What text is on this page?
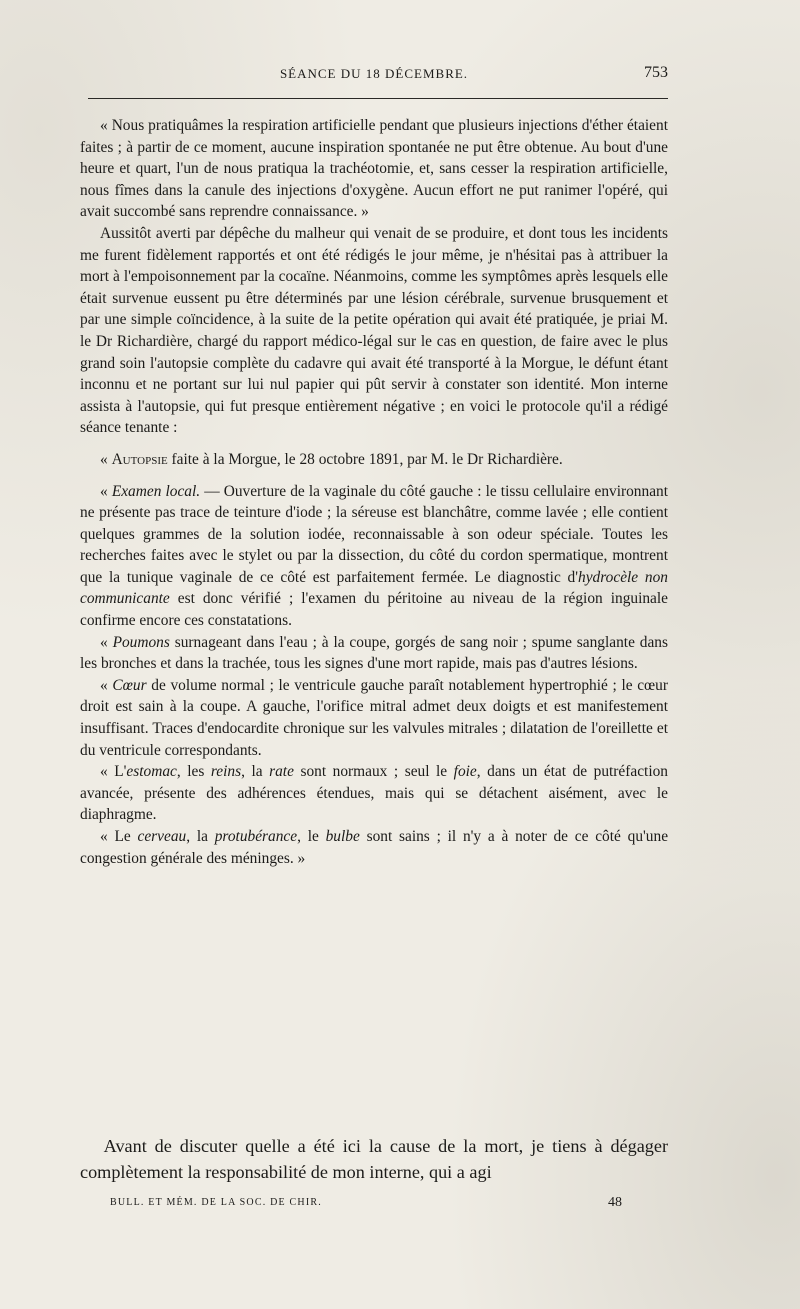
SÉANCE DU 18 DÉCEMBRE.	753

« Nous pratiquâmes la respiration artificielle pendant que plusieurs injections d'éther étaient faites ; à partir de ce moment, aucune inspiration spontanée ne put être obtenue. Au bout d'une heure et quart, l'un de nous pratiqua la trachéotomie, et, sans cesser la respiration artificielle, nous fîmes dans la canule des injections d'oxygène. Aucun effort ne put ranimer l'opéré, qui avait succombé sans reprendre connaissance. »

Aussitôt averti par dépêche du malheur qui venait de se produire, et dont tous les incidents me furent fidèlement rapportés et ont été rédigés le jour même, je n'hésitai pas à attribuer la mort à l'empoisonnement par la cocaïne. Néanmoins, comme les symptômes après lesquels elle était survenue eussent pu être déterminés par une lésion cérébrale, survenue brusquement et par une simple coïncidence, à la suite de la petite opération qui avait été pratiquée, je priai M. le Dr Richardière, chargé du rapport médico-légal sur le cas en question, de faire avec le plus grand soin l'autopsie complète du cadavre qui avait été transporté à la Morgue, le défunt étant inconnu et ne portant sur lui nul papier qui pût servir à constater son identité. Mon interne assista à l'autopsie, qui fut presque entièrement négative ; en voici le protocole qu'il a rédigé séance tenante :

« Autopsie faite à la Morgue, le 28 octobre 1891, par M. le Dr Richardière.

« Examen local. — Ouverture de la vaginale du côté gauche : le tissu cellulaire environnant ne présente pas trace de teinture d'iode ; la séreuse est blanchâtre, comme lavée ; elle contient quelques grammes de la solution iodée, reconnaissable à son odeur spéciale. Toutes les recherches faites avec le stylet ou par la dissection, du côté du cordon spermatique, montrent que la tunique vaginale de ce côté est parfaitement fermée. Le diagnostic d'hydrocèle non communicante est donc vérifié ; l'examen du péritoine au niveau de la région inguinale confirme encore ces constatations.

« Poumons surnageant dans l'eau ; à la coupe, gorgés de sang noir ; spume sanglante dans les bronches et dans la trachée, tous les signes d'une mort rapide, mais pas d'autres lésions.

« Cœur de volume normal ; le ventricule gauche paraît notablement hypertrophié ; le cœur droit est sain à la coupe. A gauche, l'orifice mitral admet deux doigts et est manifestement insuffisant. Traces d'endocardite chronique sur les valvules mitrales ; dilatation de l'oreillette et du ventricule correspondants.

« L'estomac, les reins, la rate sont normaux ; seul le foie, dans un état de putréfaction avancée, présente des adhérences étendues, mais qui se détachent aisément, avec le diaphragme.

« Le cerveau, la protubérance, le bulbe sont sains ; il n'y a à noter de ce côté qu'une congestion générale des méninges. »

Avant de discuter quelle a été ici la cause de la mort, je tiens à dégager complètement la responsabilité de mon interne, qui a agi

BULL. ET MÉM. DE LA SOC. DE CHIR.	48
